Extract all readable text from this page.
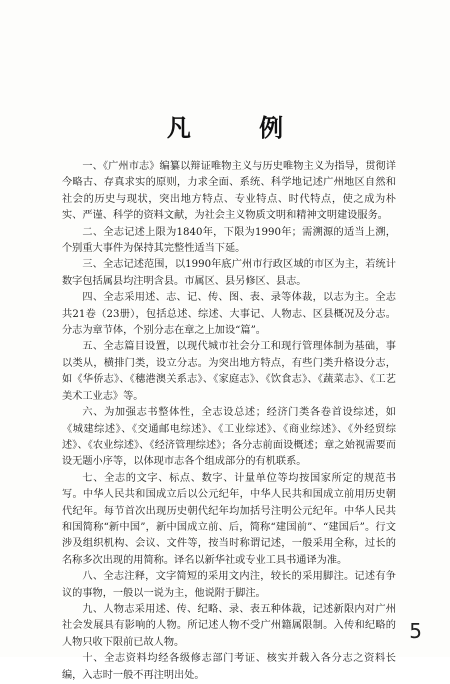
凡 例

一、《广州市志》编纂以辩证唯物主义与历史唯物主义为指导，贯彻详今略古、存真求实的原则，力求全面、系统、科学地记述广州地区自然和社会的历史与现状，突出地方特点、专业特点、时代特点，使之成为朴实、严谨、科学的资料文献，为社会主义物质文明和精神文明建设服务。

二、全志记述上限为1840年，下限为1990年；需溯源的适当上溯，个别重大事件为保持其完整性适当下延。

三、全志记述范围，以1990年底广州市行政区域的市区为主，若统计数字包括属县均注明含县。市属区、县另修区、县志。

四、全志采用述、志、记、传、图、表、录等体裁，以志为主。全志共21卷（23册），包括总述、综述、大事记、人物志、区县概况及分志。分志为章节体，个别分志在章之上加设“篇”。

五、全志篇目设置，以现代城市社会分工和现行管理体制为基础，事以类从，横排门类，设立分志。为突出地方特点，有些门类升格设分志，如《华侨志》、《穗港澳关系志》、《家庭志》、《饮食志》、《蔬菜志》、《工艺美术工业志》等。

六、为加强志书整体性，全志设总述；经济门类各卷首设综述，如《城建综述》、《交通邮电综述》、《工业综述》、《商业综述》、《外经贸综述》、《农业综述》、《经济管理综述》；各分志前面设概述；章之始视需要而设无题小序等，以体现市志各个组成部分的有机联系。

七、全志的文字、标点、数字、计量单位等均按国家所定的规范书写。中华人民共和国成立后以公元纪年，中华人民共和国成立前用历史朝代纪年。每节首次出现历史朝代纪年均加括号注明公元纪年。中华人民共和国简称“新中国”，新中国成立前、后，简称“建国前”、“建国后”。行文涉及组织机构、会议、文件等，按当时称谓记述，一般采用全称，过长的名称多次出现的用简称。译名以新华社或专业工具书通译为准。

八、全志注释，文字简短的采用文内注，较长的采用脚注。记述有争议的事物，一般以一说为主，他说附于脚注。

九、人物志采用述、传、纪略、录、表五种体裁，记述新限内对广州社会发展具有影响的人物。所记述人物不受广州籍属限制。入传和纪略的人物只收下限前已故人物。

十、全志资料均经各级修志部门考证、核实并载入各分志之资料长编，入志时一般不再注明出处。

5
